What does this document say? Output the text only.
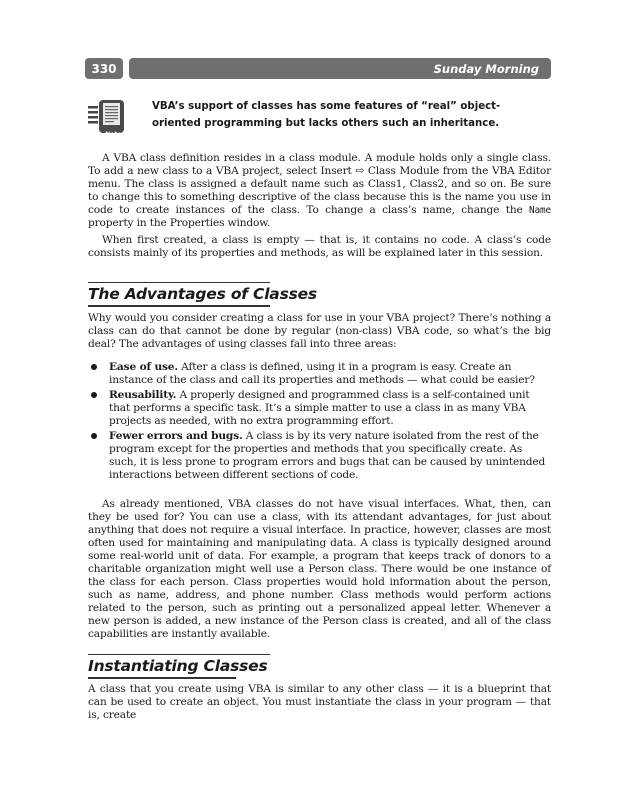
330	Sunday Morning
Note
VBA’s support of classes has some features of “real” object-oriented programming but lacks others such an inheritance.
A VBA class definition resides in a class module. A module holds only a single class. To add a new class to a VBA project, select Insert ⇨ Class Module from the VBA Editor menu. The class is assigned a default name such as Class1, Class2, and so on. Be sure to change this to something descriptive of the class because this is the name you use in code to create instances of the class. To change a class’s name, change the Name property in the Properties window.
When first created, a class is empty — that is, it contains no code. A class’s code consists mainly of its properties and methods, as will be explained later in this session.
The Advantages of Classes
Why would you consider creating a class for use in your VBA project? There’s nothing a class can do that cannot be done by regular (non-class) VBA code, so what’s the big deal? The advantages of using classes fall into three areas:
Ease of use. After a class is defined, using it in a program is easy. Create an instance of the class and call its properties and methods — what could be easier?
Reusability. A properly designed and programmed class is a self-contained unit that performs a specific task. It’s a simple matter to use a class in as many VBA projects as needed, with no extra programming effort.
Fewer errors and bugs. A class is by its very nature isolated from the rest of the program except for the properties and methods that you specifically create. As such, it is less prone to program errors and bugs that can be caused by unintended interactions between different sections of code.
As already mentioned, VBA classes do not have visual interfaces. What, then, can they be used for? You can use a class, with its attendant advantages, for just about anything that does not require a visual interface. In practice, however, classes are most often used for maintaining and manipulating data. A class is typically designed around some real-world unit of data. For example, a program that keeps track of donors to a charitable organization might well use a Person class. There would be one instance of the class for each person. Class properties would hold information about the person, such as name, address, and phone number. Class methods would perform actions related to the person, such as printing out a personalized appeal letter. Whenever a new person is added, a new instance of the Person class is created, and all of the class capabilities are instantly available.
Instantiating Classes
A class that you create using VBA is similar to any other class — it is a blueprint that can be used to create an object. You must instantiate the class in your program — that is, create
